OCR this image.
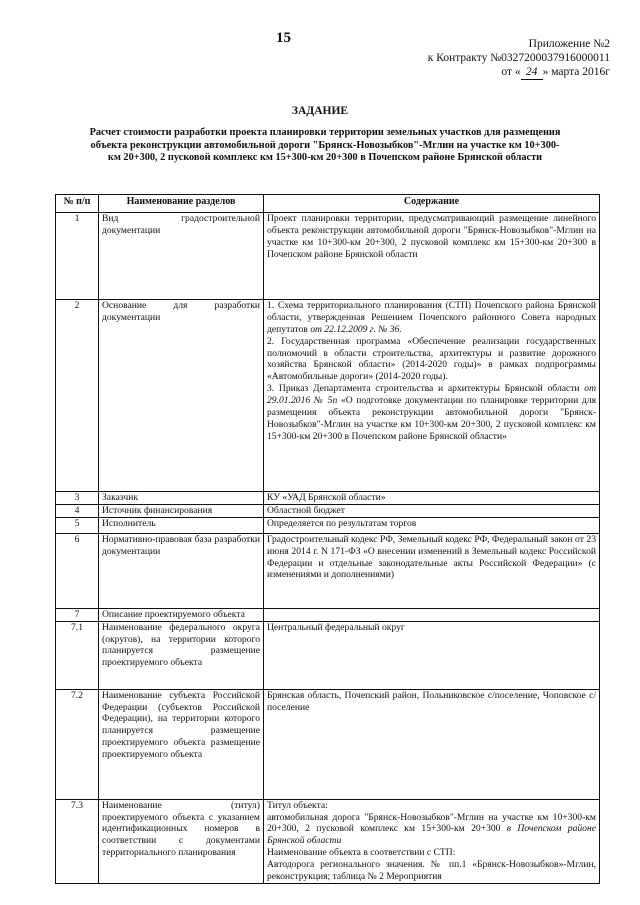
15	Приложение №2
к Контракту №0327200037916000011
от « 24 » марта 2016г
ЗАДАНИЕ
Расчет стоимости разработки проекта планировки территории земельных участков для размещения объекта реконструкции автомобильной дороги "Брянск-Новозыбков"-Мглин на участке км 10+300-км 20+300, 2 пусковой комплекс км 15+300-км 20+300 в Почепском районе Брянской области
№ п/п	Наименование разделов	Содержание
1	Вид градостроительной документации	Проект планировки территории, предусматривающий размещение линейного объекта реконструкции автомобильной дороги "Брянск-Новозыбков"-Мглин на участке км 10+300-км 20+300, 2 пусковой комплекс км 15+300-км 20+300 в Почепском районе Брянской области
2	Основание для разработки документации	1. Схема территориального планирования (СТП) Почепского района Брянской области, утвержденная Решением Почепского районного Совета народных депутатов от 22.12.2009 г. № 36.
2. Государственная программа «Обеспечение реализации государственных полномочий в области строительства, архитектуры и развитие дорожного хозяйства Брянской области» (2014-2020 годы)» в рамках подпрограммы «Автомобильные дороги» (2014-2020 годы).
3. Приказ Департамента строительства и архитектуры Брянской области от 29.01.2016 № 5п «О подготовке документации по планировке территории для размещения объекта реконструкции автомобильной дороги "Брянск-Новозыбков"-Мглин на участке км 10+300-км 20+300, 2 пусковой комплекс км 15+300-км 20+300 в Почепском районе Брянской области»

3	Заказчик	КУ «УАД Брянской области»
4	Источник финансирования	Областной бюджет
5	Исполнитель	Определяется по результатам торгов
6	Нормативно-правовая база разработки документации	Градостроительный кодекс РФ, Земельный кодекс РФ, Федеральный закон от 23 июня 2014 г. N 171-ФЗ «О внесении изменений в Земельный кодекс Российской Федерации и отдельные законодательные акты Российской Федерации» (с изменениями и дополнениями)
7	Описание проектируемого объекта	
7.1	Наименование федерального округа (округов), на территории которого планируется размещение проектируемого объекта	Центральный федеральный округ
7.2	Наименование субъекта Российской Федерации (субъектов Российской Федерации), на территории которого планируется размещение проектируемого объекта размещение проектируемого объекта	Брянская область, Почепский район, Польниковское с/поселение, Чоповское с/поселение
7.3	Наименование (титул) проектируемого объекта с указанием идентификационных номеров в соответствии с документами территориального планирования	Титул объекта:
автомобильная дорога "Брянск-Новозыбков"-Мглин на участке км 10+300-км 20+300, 2 пусковой комплекс км 15+300-км 20+300 в Почепском районе Брянской области
Наименование объекта в соответствии с СТП:
Автодорога регионального значения. № пп.1 «Брянск-Новозыбков»-Мглин, реконструкция; таблица № 2 Мероприятия
